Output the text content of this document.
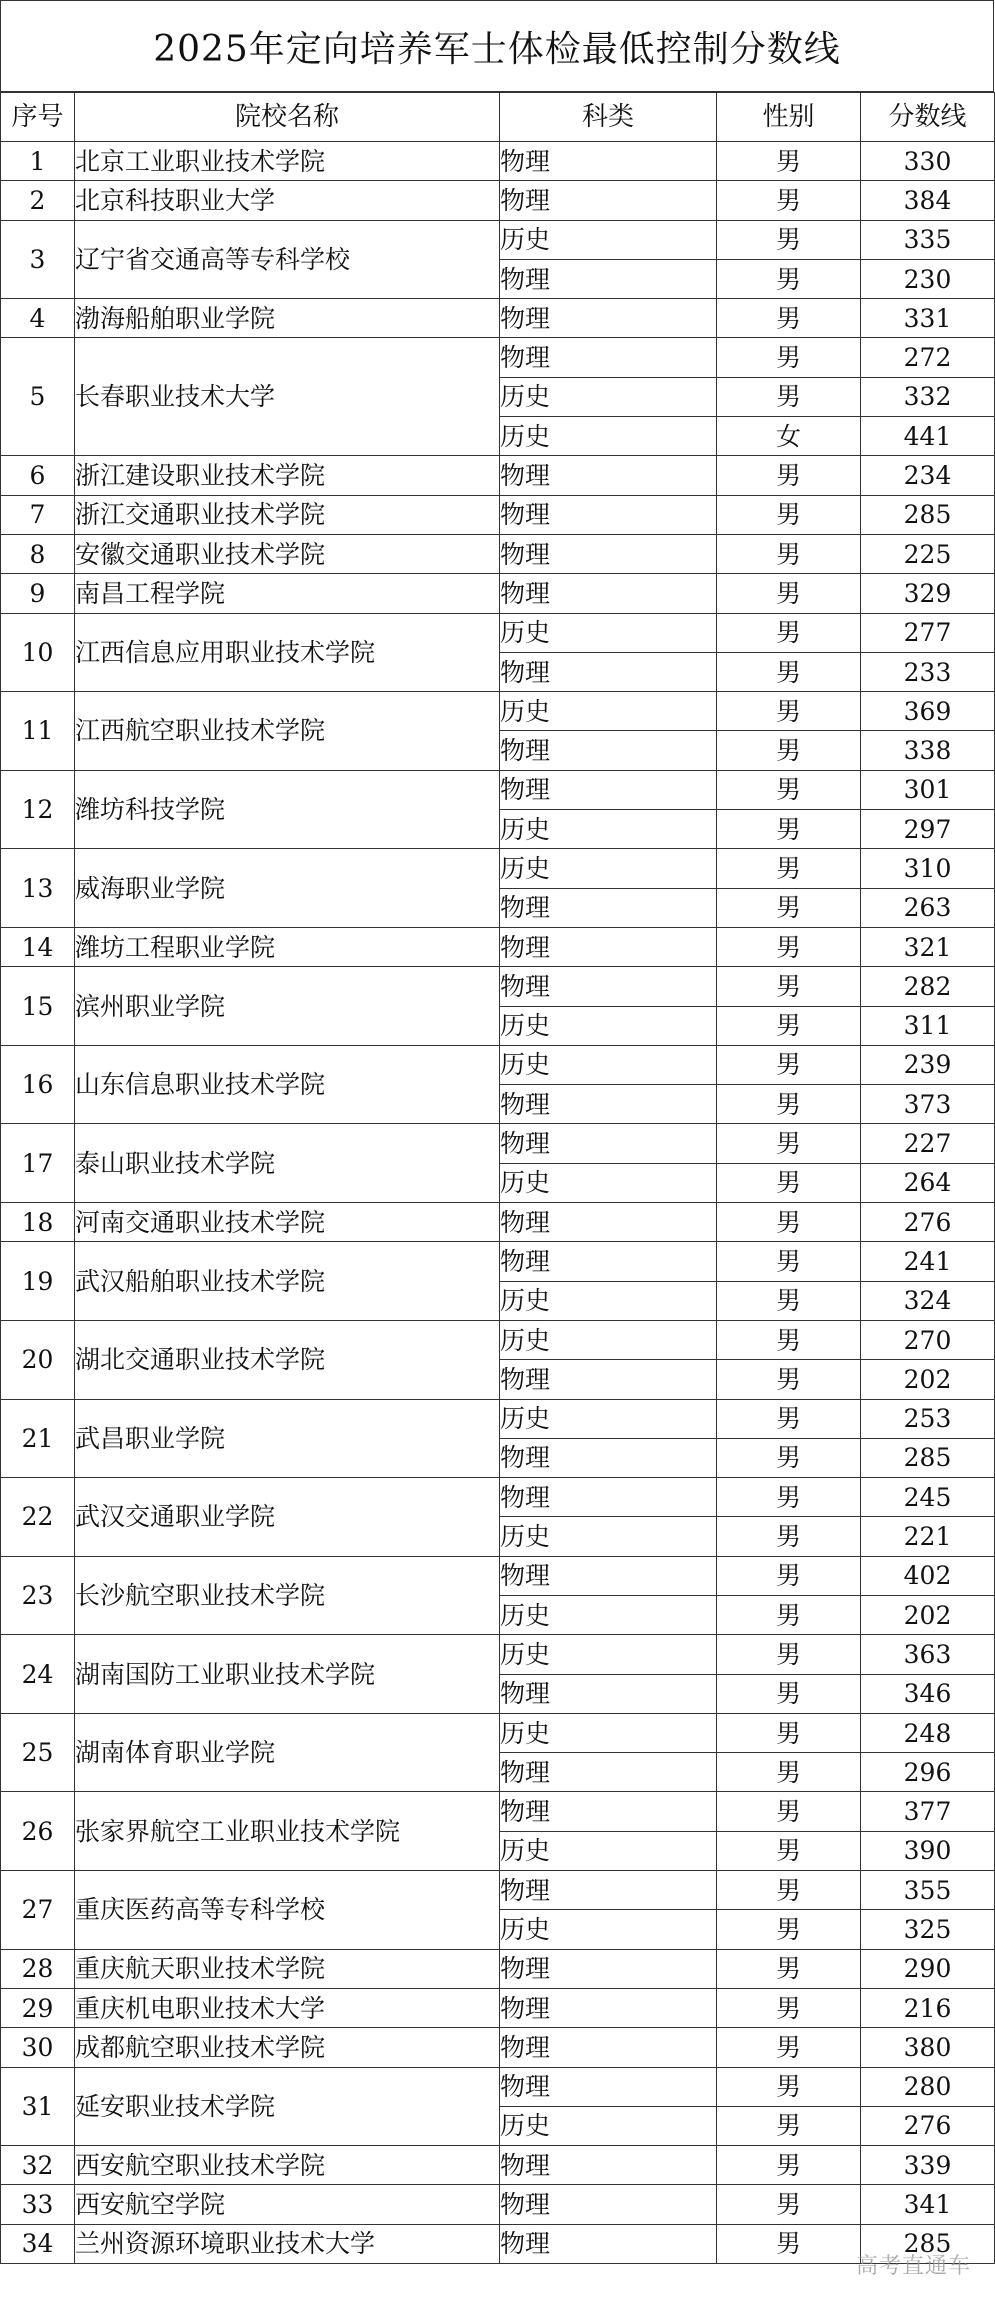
2025年定向培养军士体检最低控制分数线
序号	院校名称	科类	性别	分数线
1	北京工业职业技术学院	物理	男	330
2	北京科技职业大学	物理	男	384
3	辽宁省交通高等专科学校	历史	男	335
		物理	男	230
4	渤海船舶职业学院	物理	男	331
5	长春职业技术大学	物理	男	272
		历史	男	332
		历史	女	441
6	浙江建设职业技术学院	物理	男	234
7	浙江交通职业技术学院	物理	男	285
8	安徽交通职业技术学院	物理	男	225
9	南昌工程学院	物理	男	329
10	江西信息应用职业技术学院	历史	男	277
		物理	男	233
11	江西航空职业技术学院	历史	男	369
		物理	男	338
12	潍坊科技学院	物理	男	301
		历史	男	297
13	威海职业学院	历史	男	310
		物理	男	263
14	潍坊工程职业学院	物理	男	321
15	滨州职业学院	物理	男	282
		历史	男	311
16	山东信息职业技术学院	历史	男	239
		物理	男	373
17	泰山职业技术学院	物理	男	227
		历史	男	264
18	河南交通职业技术学院	物理	男	276
19	武汉船舶职业技术学院	物理	男	241
		历史	男	324
20	湖北交通职业技术学院	历史	男	270
		物理	男	202
21	武昌职业学院	历史	男	253
		物理	男	285
22	武汉交通职业学院	物理	男	245
		历史	男	221
23	长沙航空职业技术学院	物理	男	402
		历史	男	202
24	湖南国防工业职业技术学院	历史	男	363
		物理	男	346
25	湖南体育职业学院	历史	男	248
		物理	男	296
26	张家界航空工业职业技术学院	物理	男	377
		历史	男	390
27	重庆医药高等专科学校	物理	男	355
		历史	男	325
28	重庆航天职业技术学院	物理	男	290
29	重庆机电职业技术大学	物理	男	216
30	成都航空职业技术学院	物理	男	380
31	延安职业技术学院	物理	男	280
		历史	男	276
32	西安航空职业技术学院	物理	男	339
33	西安航空学院	物理	男	341
34	兰州资源环境职业技术大学	物理	男	285
高考直通车
